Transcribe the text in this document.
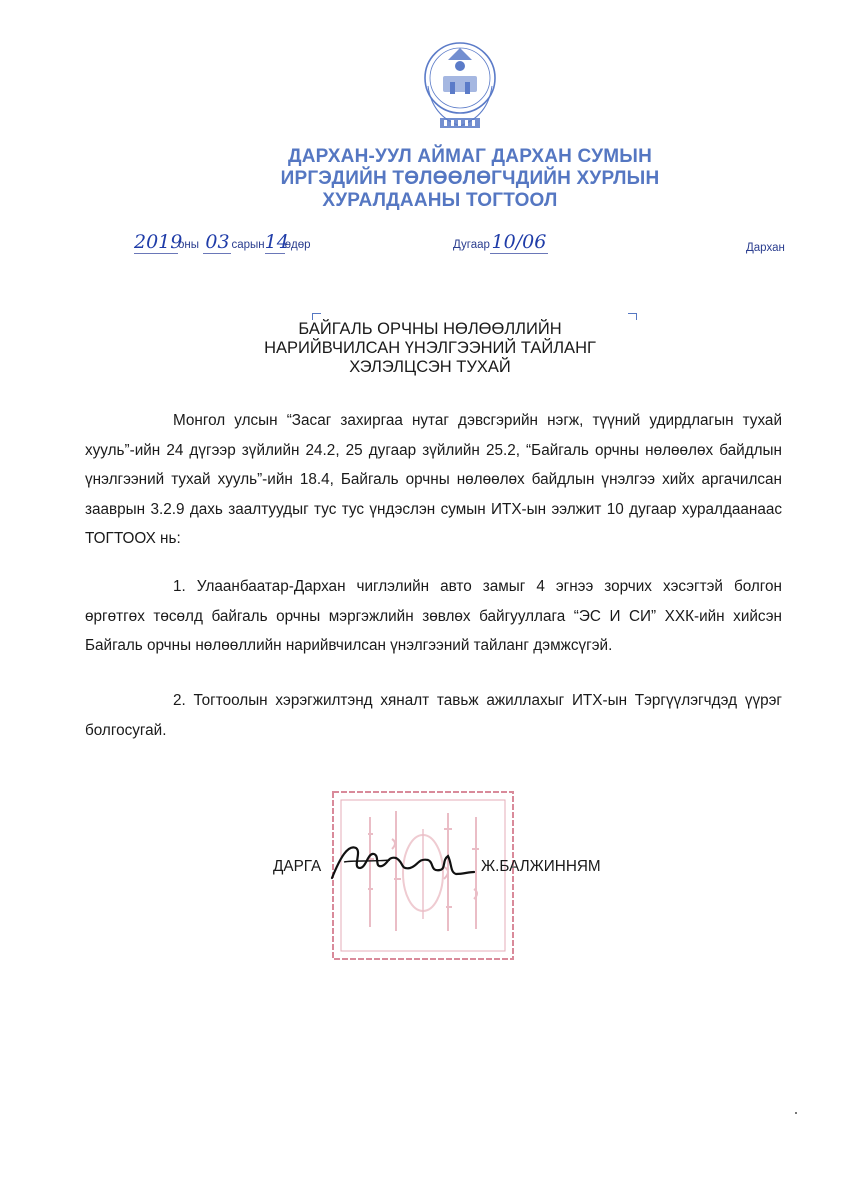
ДАРХАН-УУЛ АЙМАГ ДАРХАН СУМЫН
ИРГЭДИЙН ТӨЛӨӨЛӨГЧДИЙН ХУРЛЫН
ХУРАЛДААНЫ ТОГТООЛ
2019оны 03 сарын14өдөр	Дугаар10/06	Дархан
БАЙГАЛЬ ОРЧНЫ НӨЛӨӨЛЛИЙН
НАРИЙВЧИЛСАН ҮНЭЛГЭЭНИЙ ТАЙЛАНГ
ХЭЛЭЛЦСЭН ТУХАЙ
Монгол улсын “Засаг захиргаа нутаг дэвсгэрийн нэгж, түүний удирдлагын тухай хууль”-ийн 24 дүгээр зүйлийн 24.2, 25 дугаар зүйлийн 25.2, “Байгаль орчны нөлөөлөх байдлын үнэлгээний тухай хууль”-ийн 18.4, Байгаль орчны нөлөөлөх байдлын үнэлгээ хийх аргачилсан зааврын 3.2.9 дахь заалтуудыг тус тус үндэслэн сумын ИТХ-ын ээлжит 10 дугаар хуралдаанаас ТОГТООХ нь:
1. Улаанбаатар-Дархан чиглэлийн авто замыг 4 эгнээ зорчих хэсэгтэй болгон өргөтгөх төсөлд байгаль орчны мэргэжлийн зөвлөх байгууллага “ЭС И СИ” ХХК-ийн хийсэн Байгаль орчны нөлөөллийн нарийвчилсан үнэлгээний тайланг дэмжсүгэй.
2. Тогтоолын хэрэгжилтэнд хяналт тавьж ажиллахыг ИТХ-ын Тэргүүлэгчдэд үүрэг болгосугай.
ДАРГА	Ж.БАЛЖИННЯМ
